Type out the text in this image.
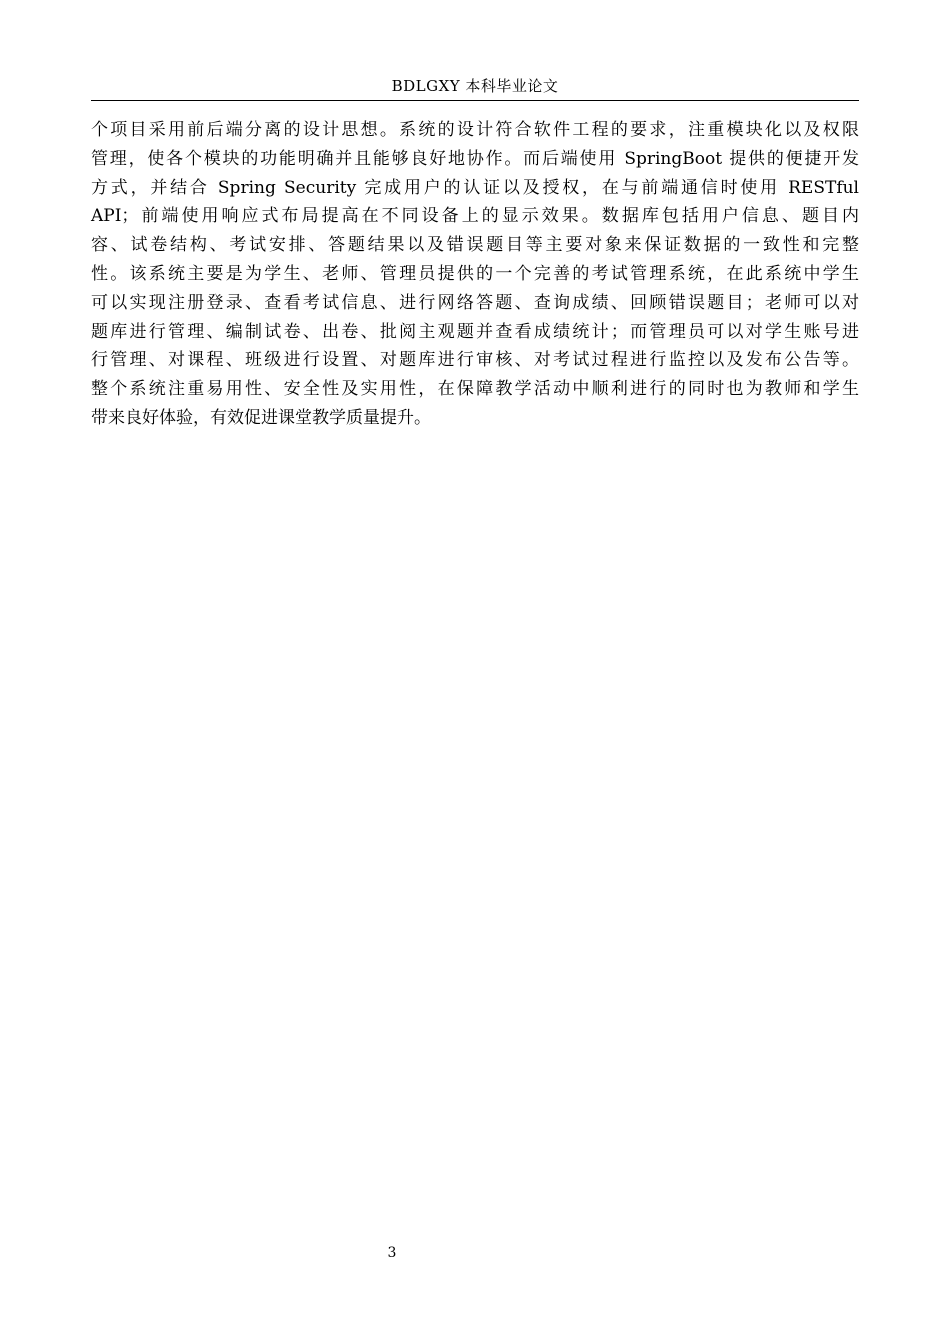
BDLGXY 本科毕业论文
个项目采用前后端分离的设计思想。系统的设计符合软件工程的要求，注重模块化以及权限
管理，使各个模块的功能明确并且能够良好地协作。而后端使用 SpringBoot 提供的便捷开发
方式，并结合 Spring Security 完成用户的认证以及授权，在与前端通信时使用 RESTful
API；前端使用响应式布局提高在不同设备上的显示效果。数据库包括用户信息、题目内
容、试卷结构、考试安排、答题结果以及错误题目等主要对象来保证数据的一致性和完整
性。该系统主要是为学生、老师、管理员提供的一个完善的考试管理系统，在此系统中学生
可以实现注册登录、查看考试信息、进行网络答题、查询成绩、回顾错误题目；老师可以对
题库进行管理、编制试卷、出卷、批阅主观题并查看成绩统计；而管理员可以对学生账号进
行管理、对课程、班级进行设置、对题库进行审核、对考试过程进行监控以及发布公告等。
整个系统注重易用性、安全性及实用性，在保障教学活动中顺利进行的同时也为教师和学生
带来良好体验，有效促进课堂教学质量提升。
3
